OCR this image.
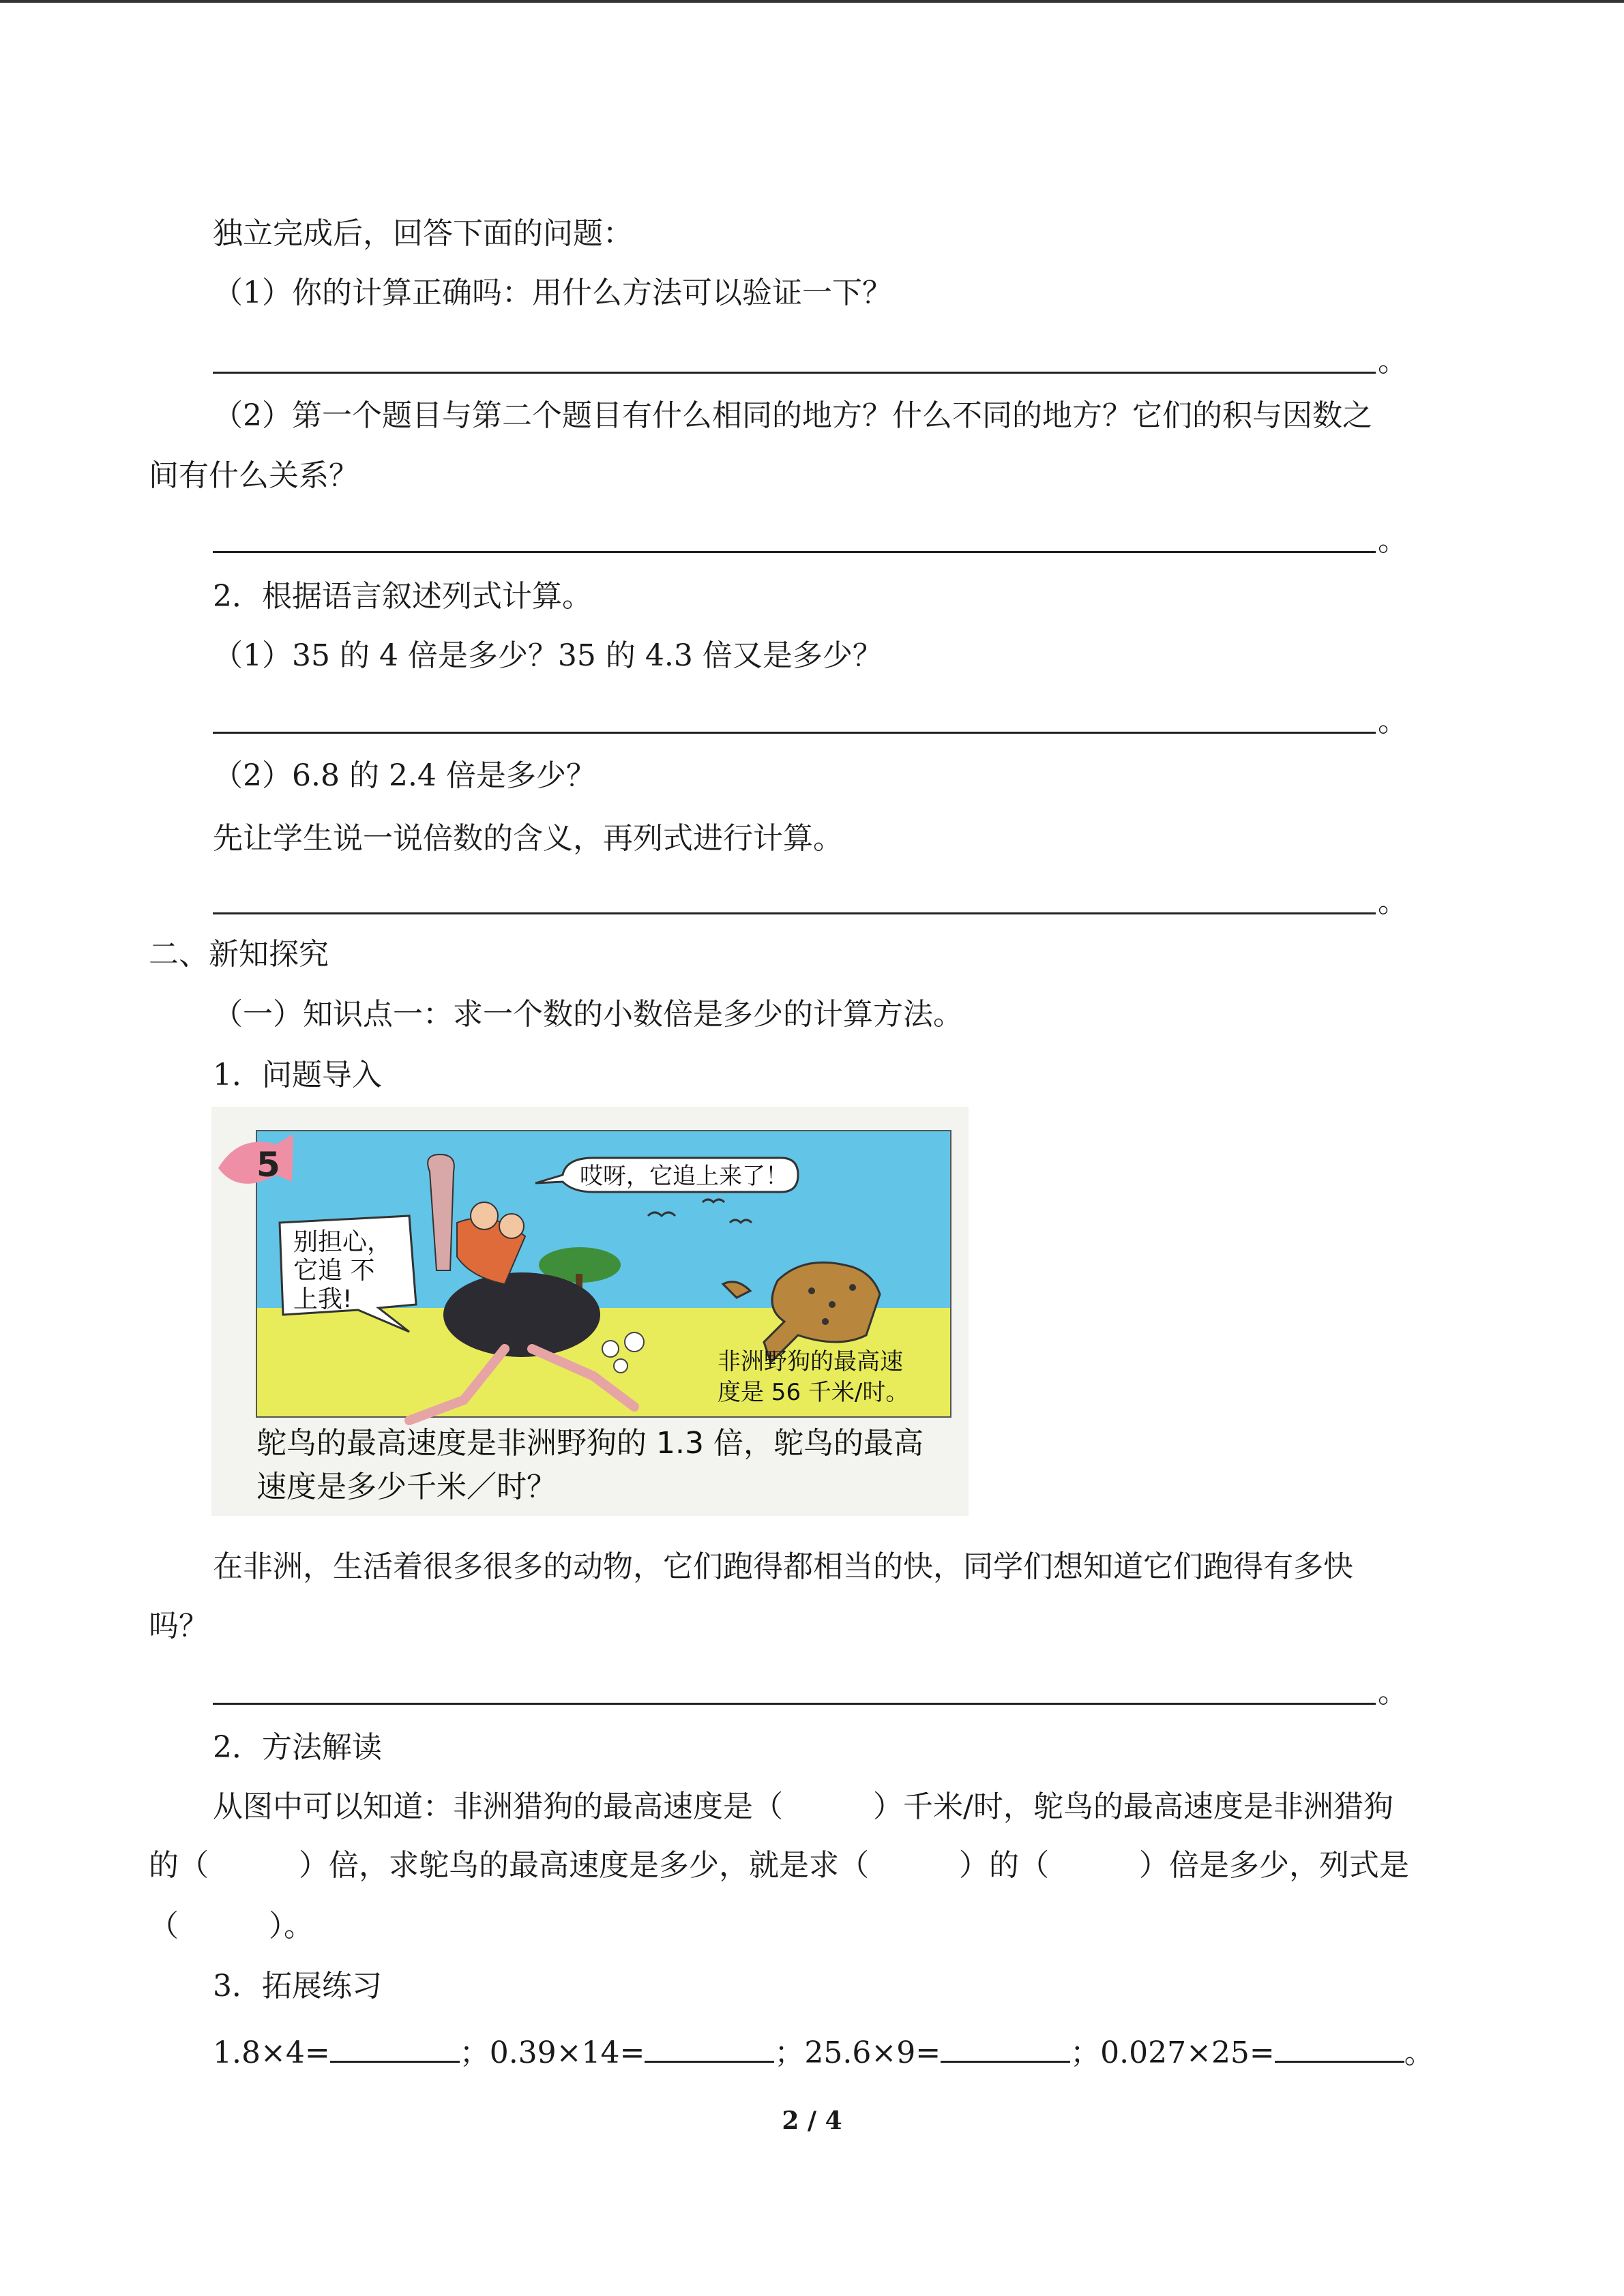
独立完成后，回答下面的问题：
（1）你的计算正确吗：用什么方法可以验证一下？
。
（2）第一个题目与第二个题目有什么相同的地方？什么不同的地方？它们的积与因数之
间有什么关系？
。
2．根据语言叙述列式计算。
（1）35 的 4 倍是多少？35 的 4.3 倍又是多少？
。
（2）6.8 的 2.4 倍是多少？
先让学生说一说倍数的含义，再列式进行计算。
。
二、新知探究
（一）知识点一：求一个数的小数倍是多少的计算方法。
1．问题导入
5
别担心，
它追 不
上我!
哎呀，它追上来了！
非洲野狗的最高速
度是 56 千米/时。
鸵鸟的最高速度是非洲野狗的 1.3 倍，鸵鸟的最高速度是多少千米／时？
在非洲，生活着很多很多的动物，它们跑得都相当的快，同学们想知道它们跑得有多快
吗？
。
2．方法解读
从图中可以知道：非洲猎狗的最高速度是（　　　）千米/时，鸵鸟的最高速度是非洲猎狗
的（　　　）倍，求鸵鸟的最高速度是多少，就是求（　　　）的（　　　）倍是多少，列式是
（　　　）。
3．拓展练习
1.8×4=	；0.39×14=	；25.6×9=	；0.027×25=	。
2 / 4
